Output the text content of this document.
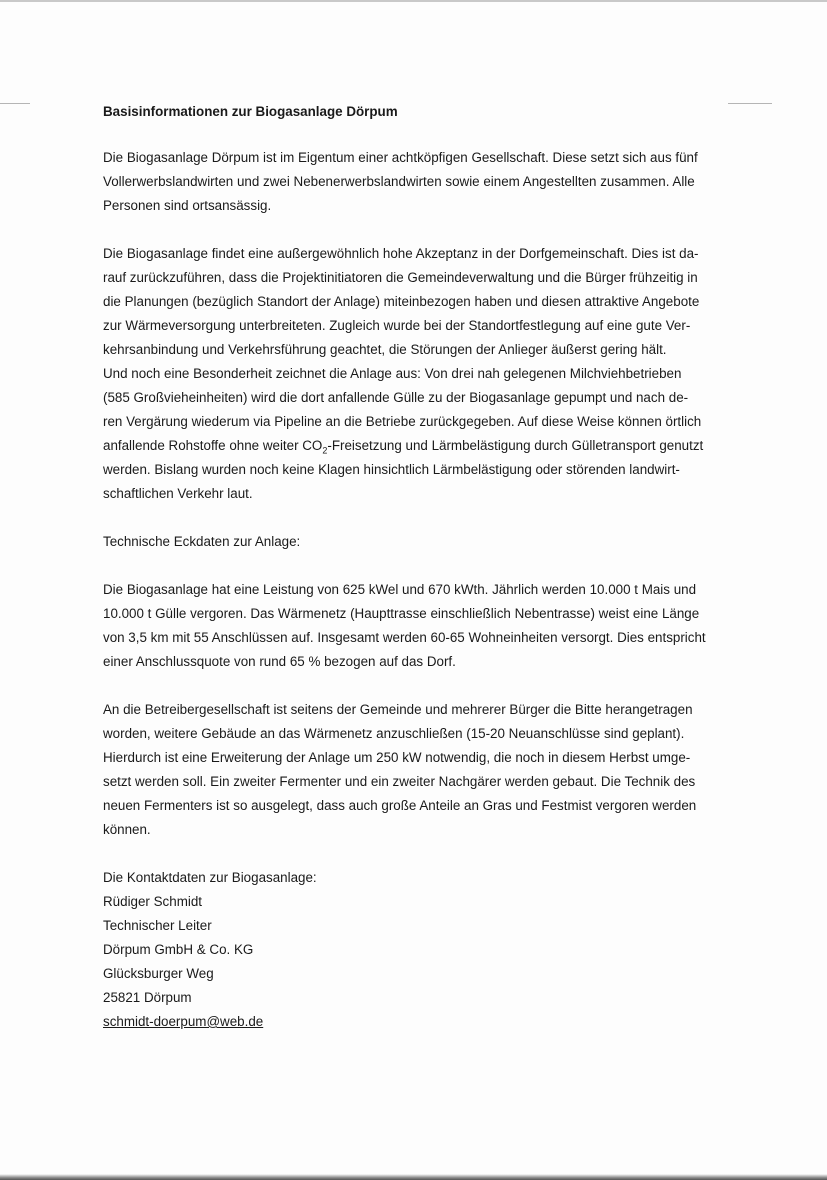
Basisinformationen zur Biogasanlage Dörpum
Die Biogasanlage Dörpum ist im Eigentum einer achtköpfigen Gesellschaft. Diese setzt sich aus fünf
Vollerwerbslandwirten und zwei Nebenerwerbslandwirten sowie einem Angestellten zusammen. Alle
Personen sind ortsansässig.
Die Biogasanlage findet eine außergewöhnlich hohe Akzeptanz in der Dorfgemeinschaft. Dies ist da-
rauf zurückzuführen, dass die Projektinitiatoren die Gemeindeverwaltung und die Bürger frühzeitig in
die Planungen (bezüglich Standort der Anlage) miteinbezogen haben und diesen attraktive Angebote
zur Wärmeversorgung unterbreiteten. Zugleich wurde bei der Standortfestlegung auf eine gute Ver-
kehrsanbindung und Verkehrsführung geachtet, die Störungen der Anlieger äußerst gering hält.
Und noch eine Besonderheit zeichnet die Anlage aus: Von drei nah gelegenen Milchviehbetrieben
(585 Großvieheinheiten) wird die dort anfallende Gülle zu der Biogasanlage gepumpt und nach de-
ren Vergärung wiederum via Pipeline an die Betriebe zurückgegeben. Auf diese Weise können örtlich
anfallende Rohstoffe ohne weiter $CO_2$-Freisetzung und Lärmbelästigung durch Gülletransport genutzt
werden. Bislang wurden noch keine Klagen hinsichtlich Lärmbelästigung oder störenden landwirt-
schaftlichen Verkehr laut.
Technische Eckdaten zur Anlage:
Die Biogasanlage hat eine Leistung von 625 kWel und 670 kWth. Jährlich werden 10.000 t Mais und
10.000 t Gülle vergoren. Das Wärmenetz (Haupttrasse einschließlich Nebentrasse) weist eine Länge
von 3,5 km mit 55 Anschlüssen auf. Insgesamt werden 60-65 Wohneinheiten versorgt. Dies entspricht
einer Anschlussquote von rund 65 % bezogen auf das Dorf.
An die Betreibergesellschaft ist seitens der Gemeinde und mehrerer Bürger die Bitte herangetragen
worden, weitere Gebäude an das Wärmenetz anzuschließen (15-20 Neuanschlüsse sind geplant).
Hierdurch ist eine Erweiterung der Anlage um 250 kW notwendig, die noch in diesem Herbst umge-
setzt werden soll. Ein zweiter Fermenter und ein zweiter Nachgärer werden gebaut. Die Technik des
neuen Fermenters ist so ausgelegt, dass auch große Anteile an Gras und Festmist vergoren werden
können.
Die Kontaktdaten zur Biogasanlage:
Rüdiger Schmidt
Technischer Leiter
Dörpum GmbH & Co. KG
Glücksburger Weg
25821 Dörpum
schmidt-doerpum@web.de
